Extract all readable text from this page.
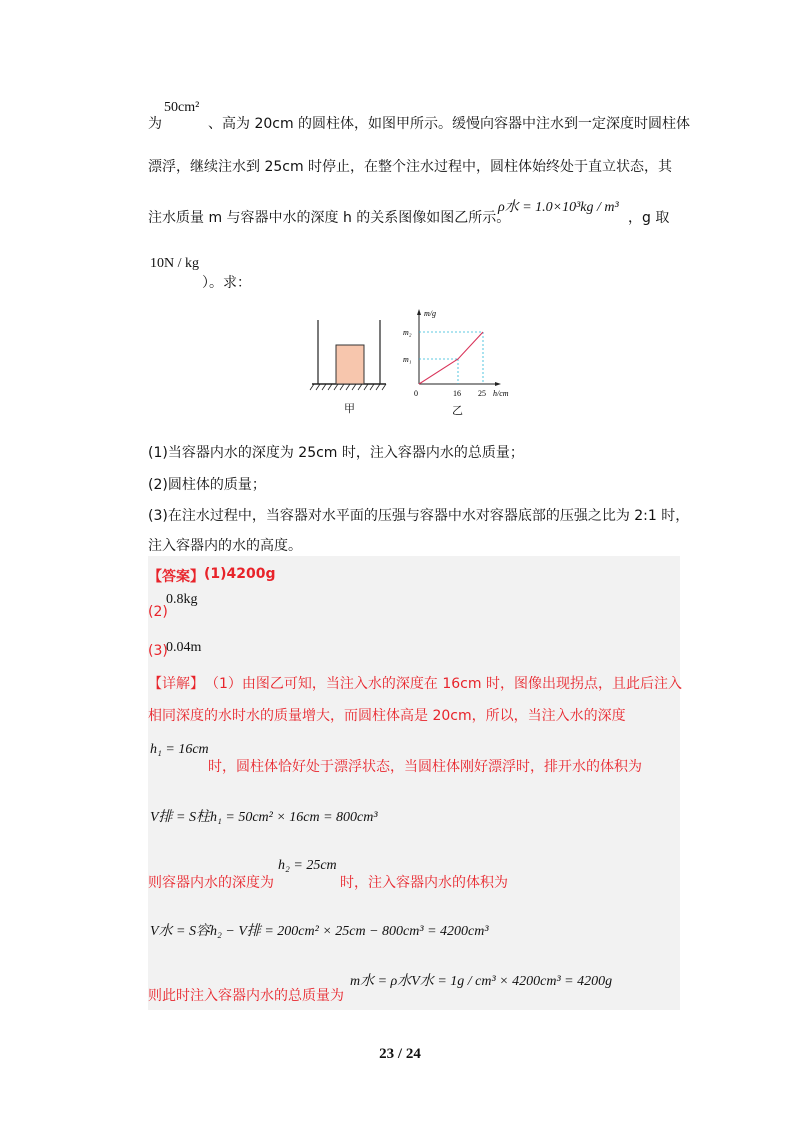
为
50cm²
、高为 20cm 的圆柱体，如图甲所示。缓慢向容器中注水到一定深度时圆柱体
漂浮，继续注水到 25cm 时停止，在整个注水过程中，圆柱体始终处于直立状态，其
注水质量 m 与容器中水的深度 h 的关系图像如图乙所示。
ρ水 = 1.0×10³kg / m³
，g 取
10N / kg
）。求：
甲
m/g
m₂
m₁
0	16 25 h/cm
乙
(1)当容器内水的深度为 25cm 时，注入容器内水的总质量；
(2)圆柱体的质量；
(3)在注水过程中，当容器对水平面的压强与容器中水对容器底部的压强之比为 2:1 时，
注入容器内的水的高度。
【答案】 (1)4200g
(2)
0.8kg
(3)
0.04m
【详解】 （1）由图乙可知，当注入水的深度在 16cm 时，图像出现拐点，且此后注入
相同深度的水时水的质量增大，而圆柱体高是 20cm，所以，当注入水的深度
h₁ = 16cm
时，圆柱体恰好处于漂浮状态，当圆柱体刚好漂浮时，排开水的体积为
V排 = S柱h₁ = 50cm² × 16cm = 800cm³
则容器内水的深度为
h₂ = 25cm
时，注入容器内水的体积为
V水 = S容h₂ − V排 = 200cm² × 25cm − 800cm³ = 4200cm³
则此时注入容器内水的总质量为
m水 = ρ水V水 = 1g / cm³ × 4200cm³ = 4200g
23 / 24
